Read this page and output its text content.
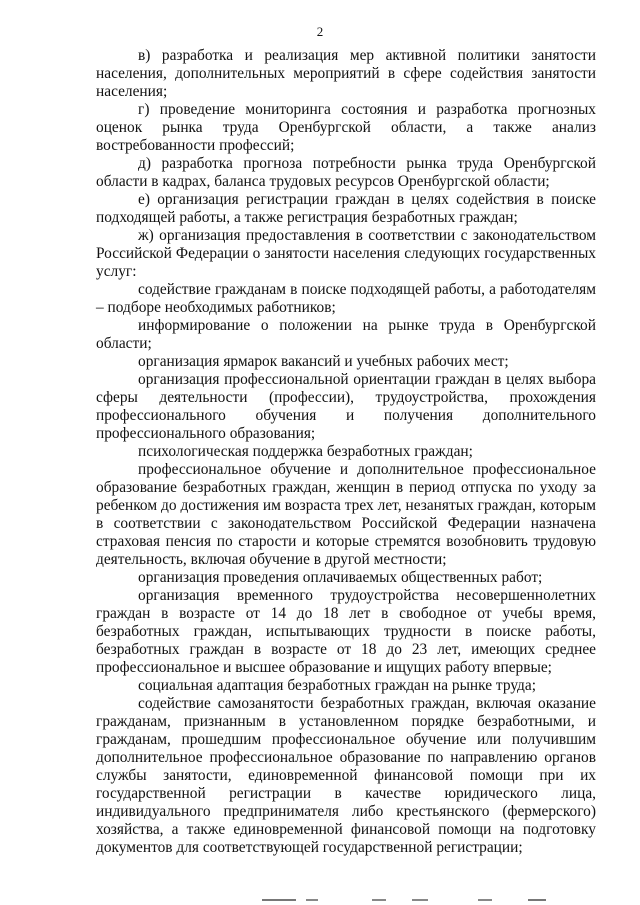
2

в) разработка и реализация мер активной политики занятости населения, дополнительных мероприятий в сфере содействия занятости населения;

г) проведение мониторинга состояния и разработка прогнозных оценок рынка труда Оренбургской области, а также анализ востребованности профессий;

д) разработка прогноза потребности рынка труда Оренбургской области в кадрах, баланса трудовых ресурсов Оренбургской области;

е) организация регистрации граждан в целях содействия в поиске подходящей работы, а также регистрация безработных граждан;

ж) организация предоставления в соответствии с законодательством Российской Федерации о занятости населения следующих государственных услуг:

содействие гражданам в поиске подходящей работы, а работодателям – подборе необходимых работников;

информирование о положении на рынке труда в Оренбургской области;

организация ярмарок вакансий и учебных рабочих мест;

организация профессиональной ориентации граждан в целях выбора сферы деятельности (профессии), трудоустройства, прохождения профессионального обучения и получения дополнительного профессионального образования;

психологическая поддержка безработных граждан;

профессиональное обучение и дополнительное профессиональное образование безработных граждан, женщин в период отпуска по уходу за ребенком до достижения им возраста трех лет, незанятых граждан, которым в соответствии с законодательством Российской Федерации назначена страховая пенсия по старости и которые стремятся возобновить трудовую деятельность, включая обучение в другой местности;

организация проведения оплачиваемых общественных работ;

организация временного трудоустройства несовершеннолетних граждан в возрасте от 14 до 18 лет в свободное от учебы время, безработных граждан, испытывающих трудности в поиске работы, безработных граждан в возрасте от 18 до 23 лет, имеющих среднее профессиональное и высшее образование и ищущих работу впервые;

социальная адаптация безработных граждан на рынке труда;

содействие самозанятости безработных граждан, включая оказание гражданам, признанным в установленном порядке безработными, и гражданам, прошедшим профессиональное обучение или получившим дополнительное профессиональное образование по направлению органов службы занятости, единовременной финансовой помощи при их государственной регистрации в качестве юридического лица, индивидуального предпринимателя либо крестьянского (фермерского) хозяйства, а также единовременной финансовой помощи на подготовку документов для соответствующей государственной регистрации;
